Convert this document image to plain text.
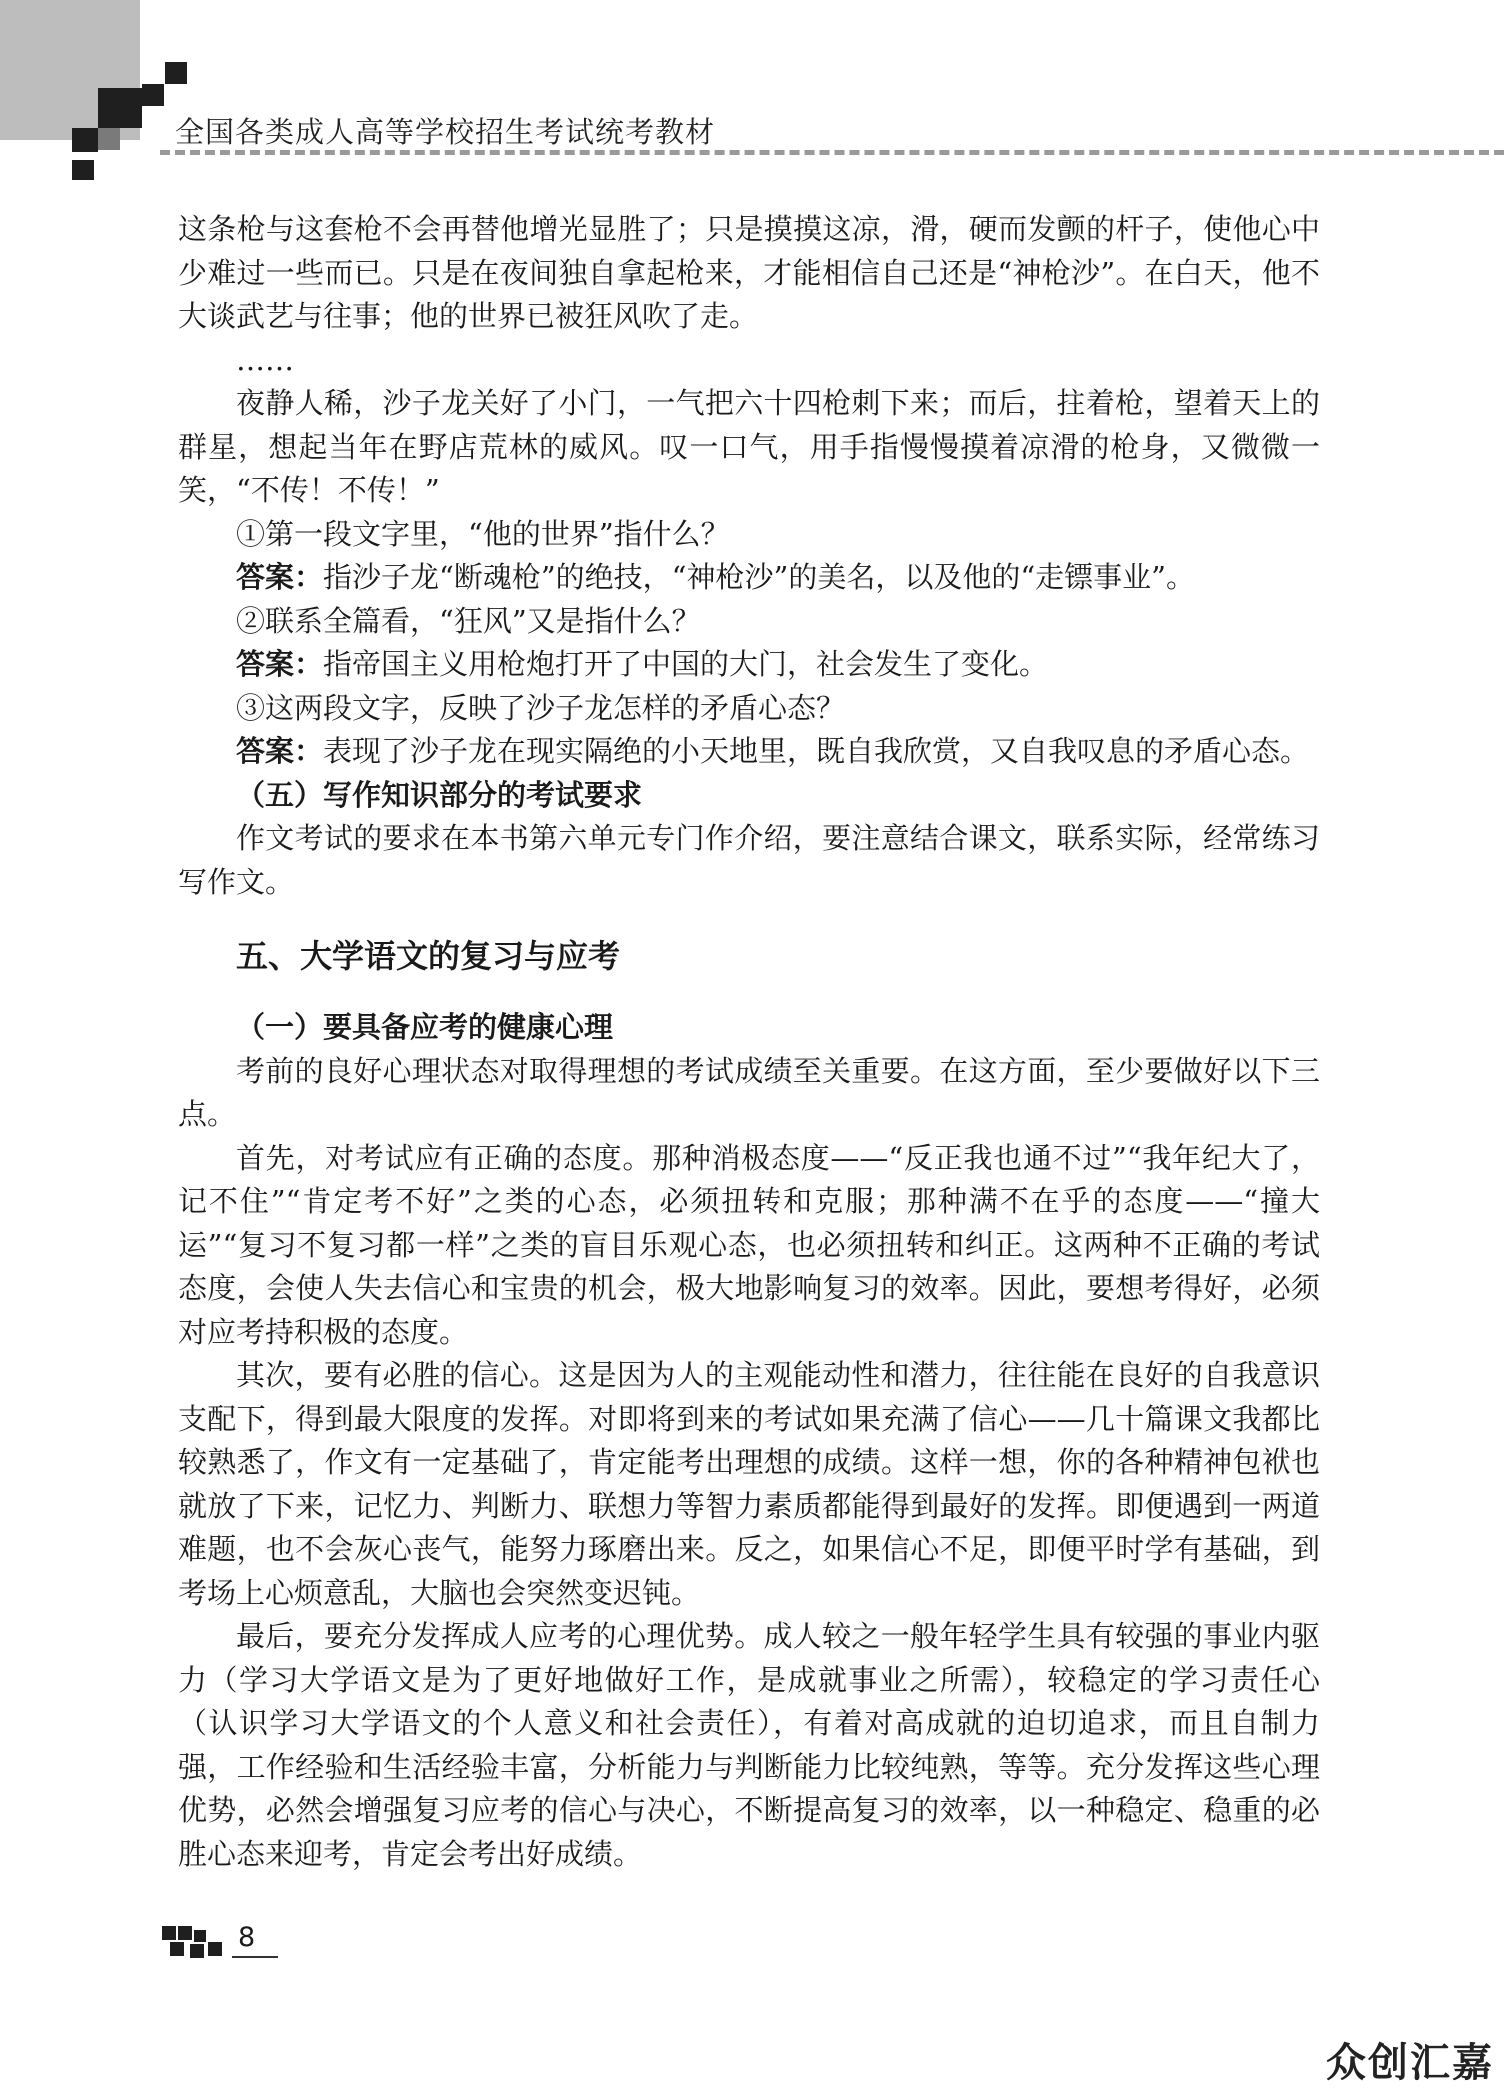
全国各类成人高等学校招生考试统考教材

这条枪与这套枪不会再替他增光显胜了；只是摸摸这凉，滑，硬而发颤的杆子，使他心中少难过一些而已。只是在夜间独自拿起枪来，才能相信自己还是“神枪沙”。在白天，他不大谈武艺与往事；他的世界已被狂风吹了走。

……

夜静人稀，沙子龙关好了小门，一气把六十四枪刺下来；而后，拄着枪，望着天上的群星，想起当年在野店荒林的威风。叹一口气，用手指慢慢摸着凉滑的枪身，又微微一笑，“不传！不传！”

①第一段文字里，“他的世界”指什么？

答案：指沙子龙“断魂枪”的绝技，“神枪沙”的美名，以及他的“走镖事业”。

②联系全篇看，“狂风”又是指什么？

答案：指帝国主义用枪炮打开了中国的大门，社会发生了变化。

③这两段文字，反映了沙子龙怎样的矛盾心态？

答案：表现了沙子龙在现实隔绝的小天地里，既自我欣赏，又自我叹息的矛盾心态。

（五）写作知识部分的考试要求

作文考试的要求在本书第六单元专门作介绍，要注意结合课文，联系实际，经常练习写作文。

五、大学语文的复习与应考

（一）要具备应考的健康心理

考前的良好心理状态对取得理想的考试成绩至关重要。在这方面，至少要做好以下三点。

首先，对考试应有正确的态度。那种消极态度——“反正我也通不过”“我年纪大了，记不住”“肯定考不好”之类的心态，必须扭转和克服；那种满不在乎的态度——“撞大运”“复习不复习都一样”之类的盲目乐观心态，也必须扭转和纠正。这两种不正确的考试态度，会使人失去信心和宝贵的机会，极大地影响复习的效率。因此，要想考得好，必须对应考持积极的态度。

其次，要有必胜的信心。这是因为人的主观能动性和潜力，往往能在良好的自我意识支配下，得到最大限度的发挥。对即将到来的考试如果充满了信心——几十篇课文我都比较熟悉了，作文有一定基础了，肯定能考出理想的成绩。这样一想，你的各种精神包袱也就放了下来，记忆力、判断力、联想力等智力素质都能得到最好的发挥。即便遇到一两道难题，也不会灰心丧气，能努力琢磨出来。反之，如果信心不足，即便平时学有基础，到考场上心烦意乱，大脑也会突然变迟钝。

最后，要充分发挥成人应考的心理优势。成人较之一般年轻学生具有较强的事业内驱力（学习大学语文是为了更好地做好工作，是成就事业之所需），较稳定的学习责任心（认识学习大学语文的个人意义和社会责任），有着对高成就的迫切追求，而且自制力强，工作经验和生活经验丰富，分析能力与判断能力比较纯熟，等等。充分发挥这些心理优势，必然会增强复习应考的信心与决心，不断提高复习的效率，以一种稳定、稳重的必胜心态来迎考，肯定会考出好成绩。

8
众创汇嘉
